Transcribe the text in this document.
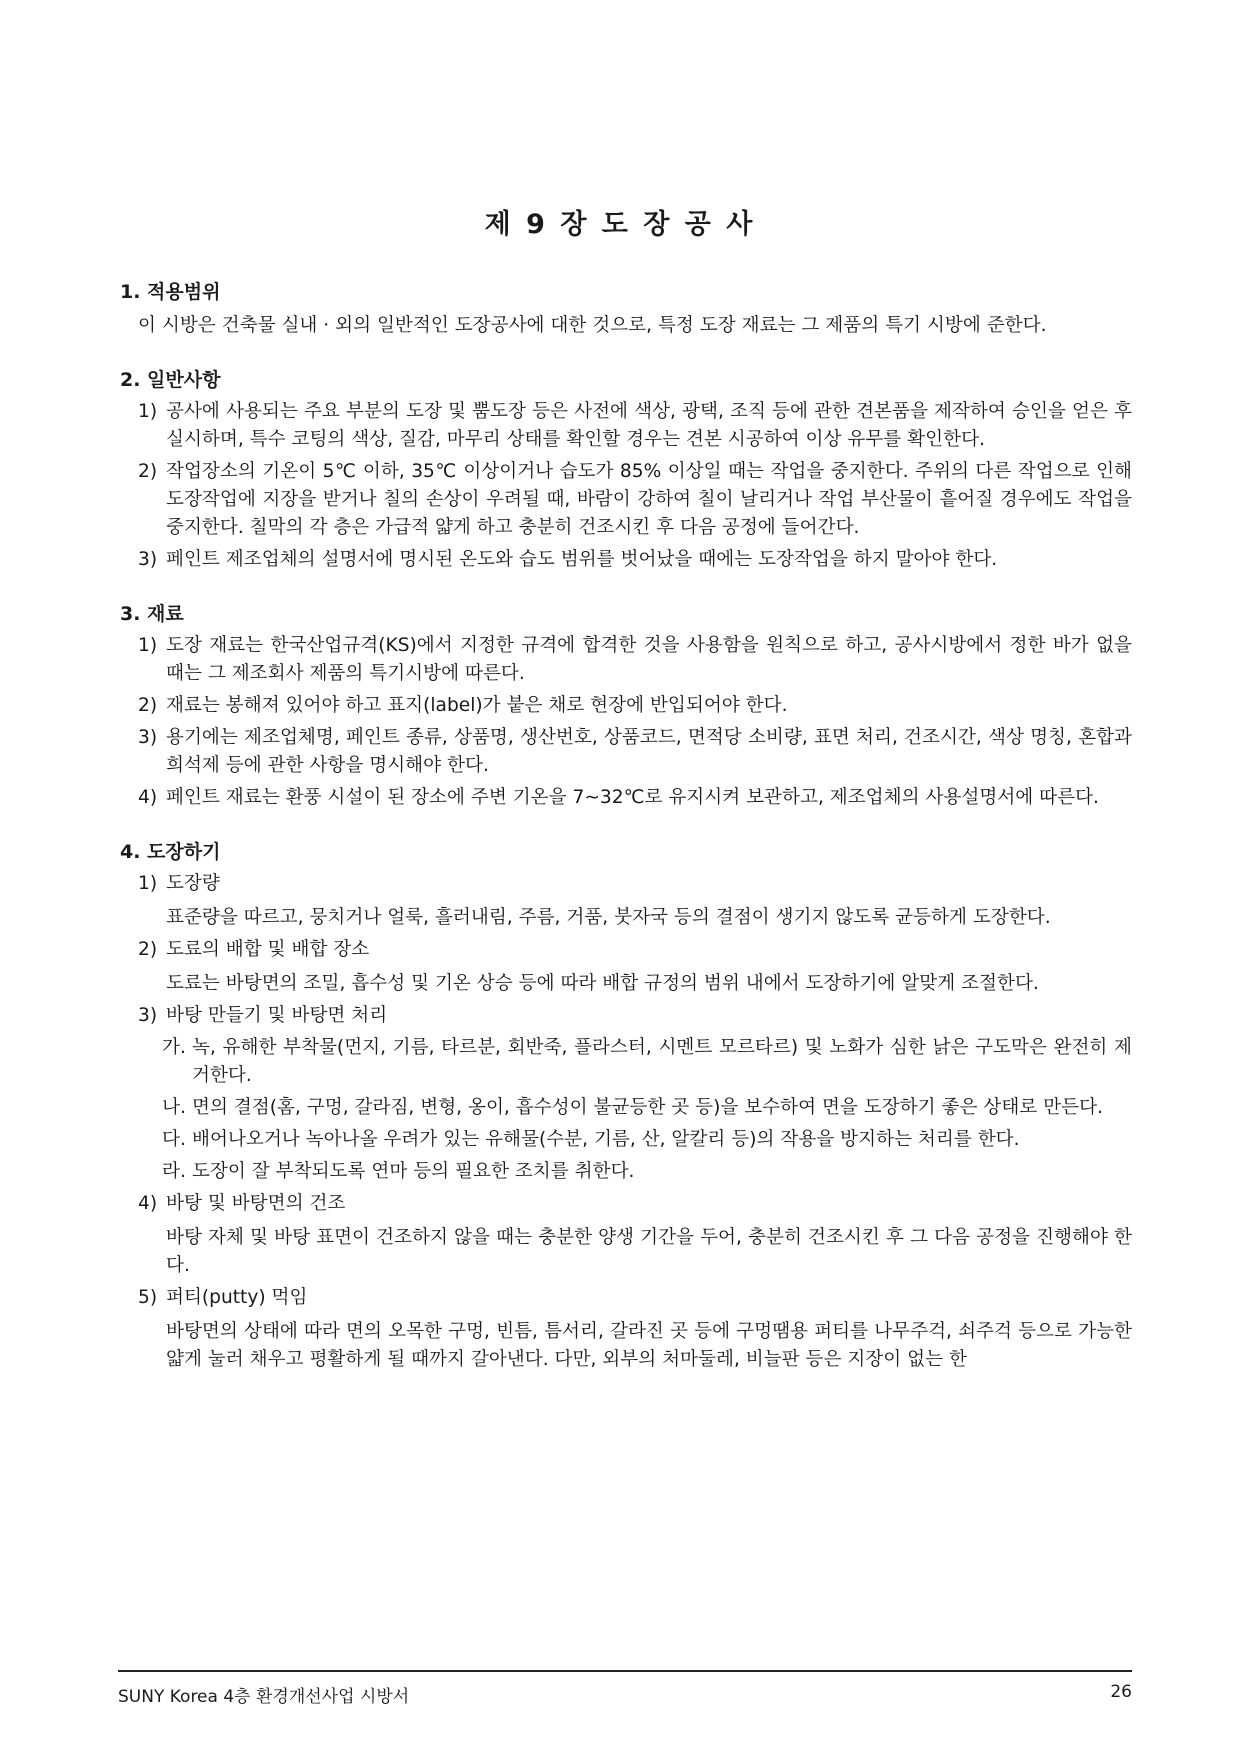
제 9 장 도 장 공 사

1. 적용범위

이 시방은 건축물 실내 · 외의 일반적인 도장공사에 대한 것으로, 특정 도장 재료는 그 제품의 특기 시방에 준한다.

2. 일반사항

1) 공사에 사용되는 주요 부분의 도장 및 뿜도장 등은 사전에 색상, 광택, 조직 등에 관한 견본품을 제작하여 승인을 얻은 후 실시하며, 특수 코팅의 색상, 질감, 마무리 상태를 확인할 경우는 견본 시공하여 이상 유무를 확인한다.
2) 작업장소의 기온이 5℃ 이하, 35℃ 이상이거나 습도가 85% 이상일 때는 작업을 중지한다. 주위의 다른 작업으로 인해 도장작업에 지장을 받거나 칠의 손상이 우려될 때, 바람이 강하여 칠이 날리거나 작업 부산물이 흩어질 경우에도 작업을 중지한다. 칠막의 각 층은 가급적 얇게 하고 충분히 건조시킨 후 다음 공정에 들어간다.
3) 페인트 제조업체의 설명서에 명시된 온도와 습도 범위를 벗어났을 때에는 도장작업을 하지 말아야 한다.

3. 재료

1) 도장 재료는 한국산업규격(KS)에서 지정한 규격에 합격한 것을 사용함을 원칙으로 하고, 공사시방에서 정한 바가 없을 때는 그 제조회사 제품의 특기시방에 따른다.
2) 재료는 봉해져 있어야 하고 표지(label)가 붙은 채로 현장에 반입되어야 한다.
3) 용기에는 제조업체명, 페인트 종류, 상품명, 생산번호, 상품코드, 면적당 소비량, 표면 처리, 건조시간, 색상 명칭, 혼합과 희석제 등에 관한 사항을 명시해야 한다.
4) 페인트 재료는 환풍 시설이 된 장소에 주변 기온을 7∼32℃로 유지시켜 보관하고, 제조업체의 사용설명서에 따른다.

4. 도장하기

1) 도장량
표준량을 따르고, 뭉치거나 얼룩, 흘러내림, 주름, 거품, 붓자국 등의 결점이 생기지 않도록 균등하게 도장한다.
2) 도료의 배합 및 배합 장소
도료는 바탕면의 조밀, 흡수성 및 기온 상승 등에 따라 배합 규정의 범위 내에서 도장하기에 알맞게 조절한다.
3) 바탕 만들기 및 바탕면 처리
가. 녹, 유해한 부착물(먼지, 기름, 타르분, 회반죽, 플라스터, 시멘트 모르타르) 및 노화가 심한 낡은 구도막은 완전히 제거한다.
나. 면의 결점(홈, 구멍, 갈라짐, 변형, 옹이, 흡수성이 불균등한 곳 등)을 보수하여 면을 도장하기 좋은 상태로 만든다.
다. 배어나오거나 녹아나올 우려가 있는 유해물(수분, 기름, 산, 알칼리 등)의 작용을 방지하는 처리를 한다.
라. 도장이 잘 부착되도록 연마 등의 필요한 조치를 취한다.
4) 바탕 및 바탕면의 건조
바탕 자체 및 바탕 표면이 건조하지 않을 때는 충분한 양생 기간을 두어, 충분히 건조시킨 후 그 다음 공정을 진행해야 한다.
5) 퍼티(putty) 먹임
바탕면의 상태에 따라 면의 오목한 구멍, 빈틈, 틈서리, 갈라진 곳 등에 구멍땜용 퍼티를 나무주걱, 쇠주걱 등으로 가능한 얇게 눌러 채우고 평활하게 될 때까지 갈아낸다. 다만, 외부의 처마둘레, 비늘판 등은 지장이 없는 한
SUNY Korea 4층 환경개선사업 시방서	26
